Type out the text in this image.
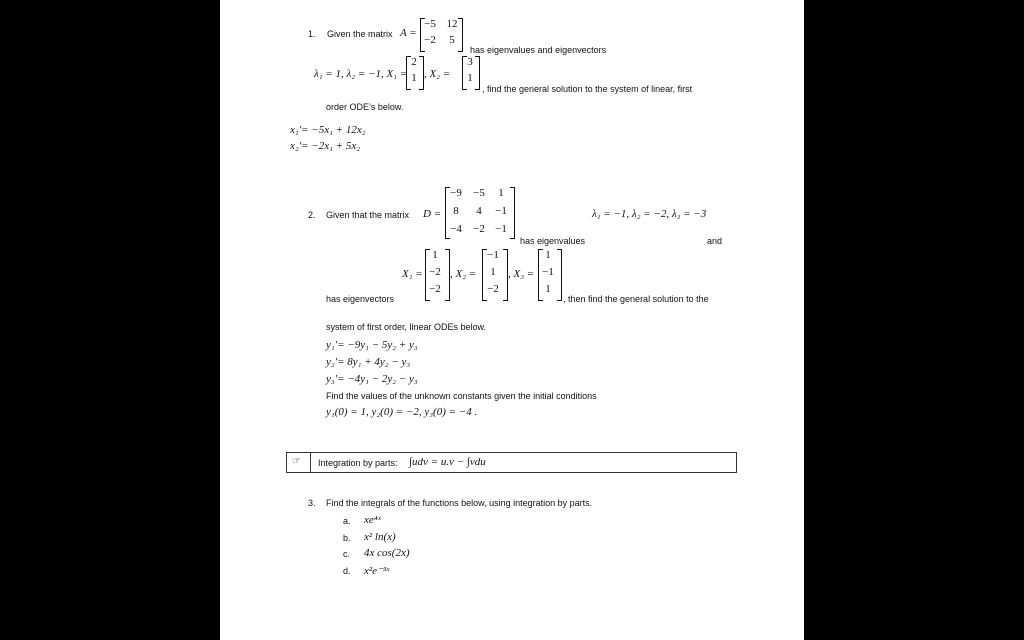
1. Given the matrix A =
−5 12
−2	5
has eigenvalues and eigenvectors
λ₁ = 1, λ₂ = −1, X₁ =
2
1 , X₂ =
3
1
, find the general solution to the system of linear, first
order ODE’s below.
x₁′= −5x₁ + 12x₂
x₂′= −2x₁ + 5x₂
2. Given that the matrix D =
−9 −5	1
8	4	−1
−4 −2 −1
λ₁ = −1, λ₂ = −2, λ₃ = −3
has eigenvalues	and
X₁ =
1
−2
−2
, X₂ =
−1
1
−2
, X₃ =
1
−1
1
has eigenvectors	, then find the general solution to the
system of first order, linear ODEs below.
y₁′= −9y₁ − 5y₂ + y₃
y₂′= 8y₁ + 4y₂ − y₃
y₃′= −4y₁ − 2y₂ − y₃
Find the values of the unknown constants given the initial conditions
y₁(0) = 1, y₂(0) = −2, y₃(0) = −4 .
☞ Integration by parts: ∫udv = u.v − ∫vdu
3. Find the integrals of the functions below, using integration by parts.
a. xe⁴ˣ
b. x² ln(x)
c. 4x cos(2x)
d. x²e⁻³ˣ
